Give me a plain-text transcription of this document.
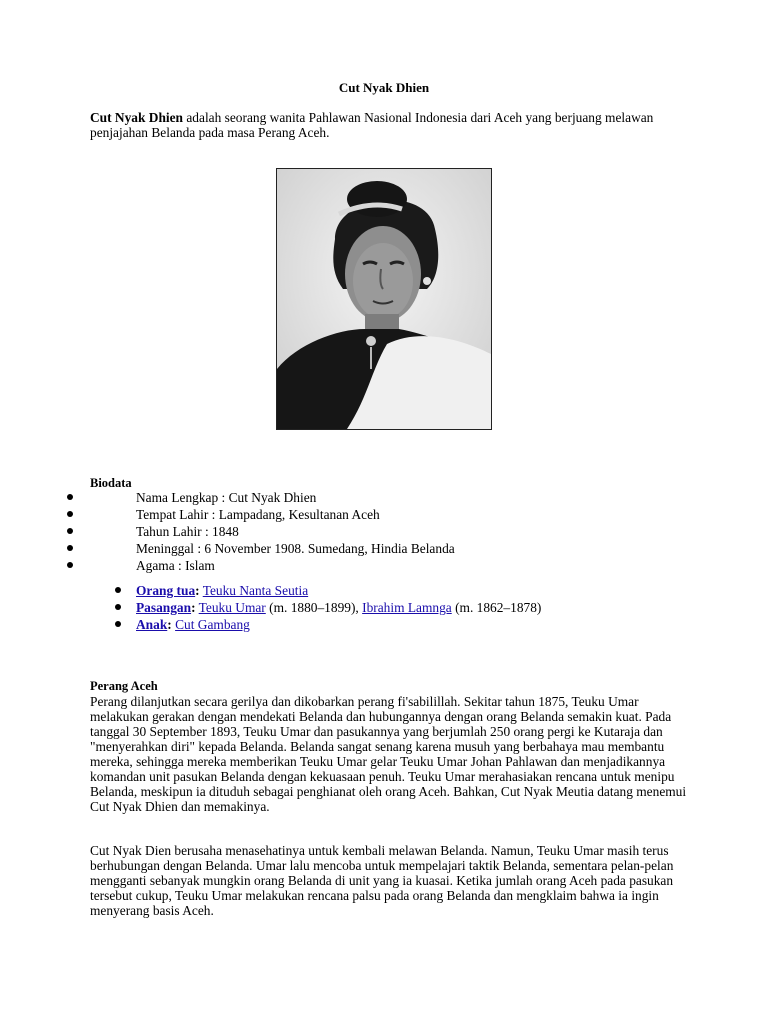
Cut Nyak Dhien
Cut Nyak Dhien adalah seorang wanita Pahlawan Nasional Indonesia dari Aceh yang berjuang melawan penjajahan Belanda pada masa Perang Aceh.
Biodata
Nama Lengkap : Cut Nyak Dhien
Tempat Lahir : Lampadang, Kesultanan Aceh
Tahun Lahir : 1848
Meninggal : 6 November 1908. Sumedang, Hindia Belanda
Agama : Islam
Orang tua: Teuku Nanta Seutia
Pasangan: Teuku Umar (m. 1880–1899), Ibrahim Lamnga (m. 1862–1878)
Anak: Cut Gambang
Perang Aceh
Perang dilanjutkan secara gerilya dan dikobarkan perang fi'sabilillah. Sekitar tahun 1875, Teuku Umar melakukan gerakan dengan mendekati Belanda dan hubungannya dengan orang Belanda semakin kuat. Pada tanggal 30 September 1893, Teuku Umar dan pasukannya yang berjumlah 250 orang pergi ke Kutaraja dan "menyerahkan diri" kepada Belanda. Belanda sangat senang karena musuh yang berbahaya mau membantu mereka, sehingga mereka memberikan Teuku Umar gelar Teuku Umar Johan Pahlawan dan menjadikannya komandan unit pasukan Belanda dengan kekuasaan penuh. Teuku Umar merahasiakan rencana untuk menipu Belanda, meskipun ia dituduh sebagai penghianat oleh orang Aceh. Bahkan, Cut Nyak Meutia datang menemui Cut Nyak Dhien dan memakinya.
Cut Nyak Dien berusaha menasehatinya untuk kembali melawan Belanda. Namun, Teuku Umar masih terus berhubungan dengan Belanda. Umar lalu mencoba untuk mempelajari taktik Belanda, sementara pelan-pelan mengganti sebanyak mungkin orang Belanda di unit yang ia kuasai. Ketika jumlah orang Aceh pada pasukan tersebut cukup, Teuku Umar melakukan rencana palsu pada orang Belanda dan mengklaim bahwa ia ingin menyerang basis Aceh.
